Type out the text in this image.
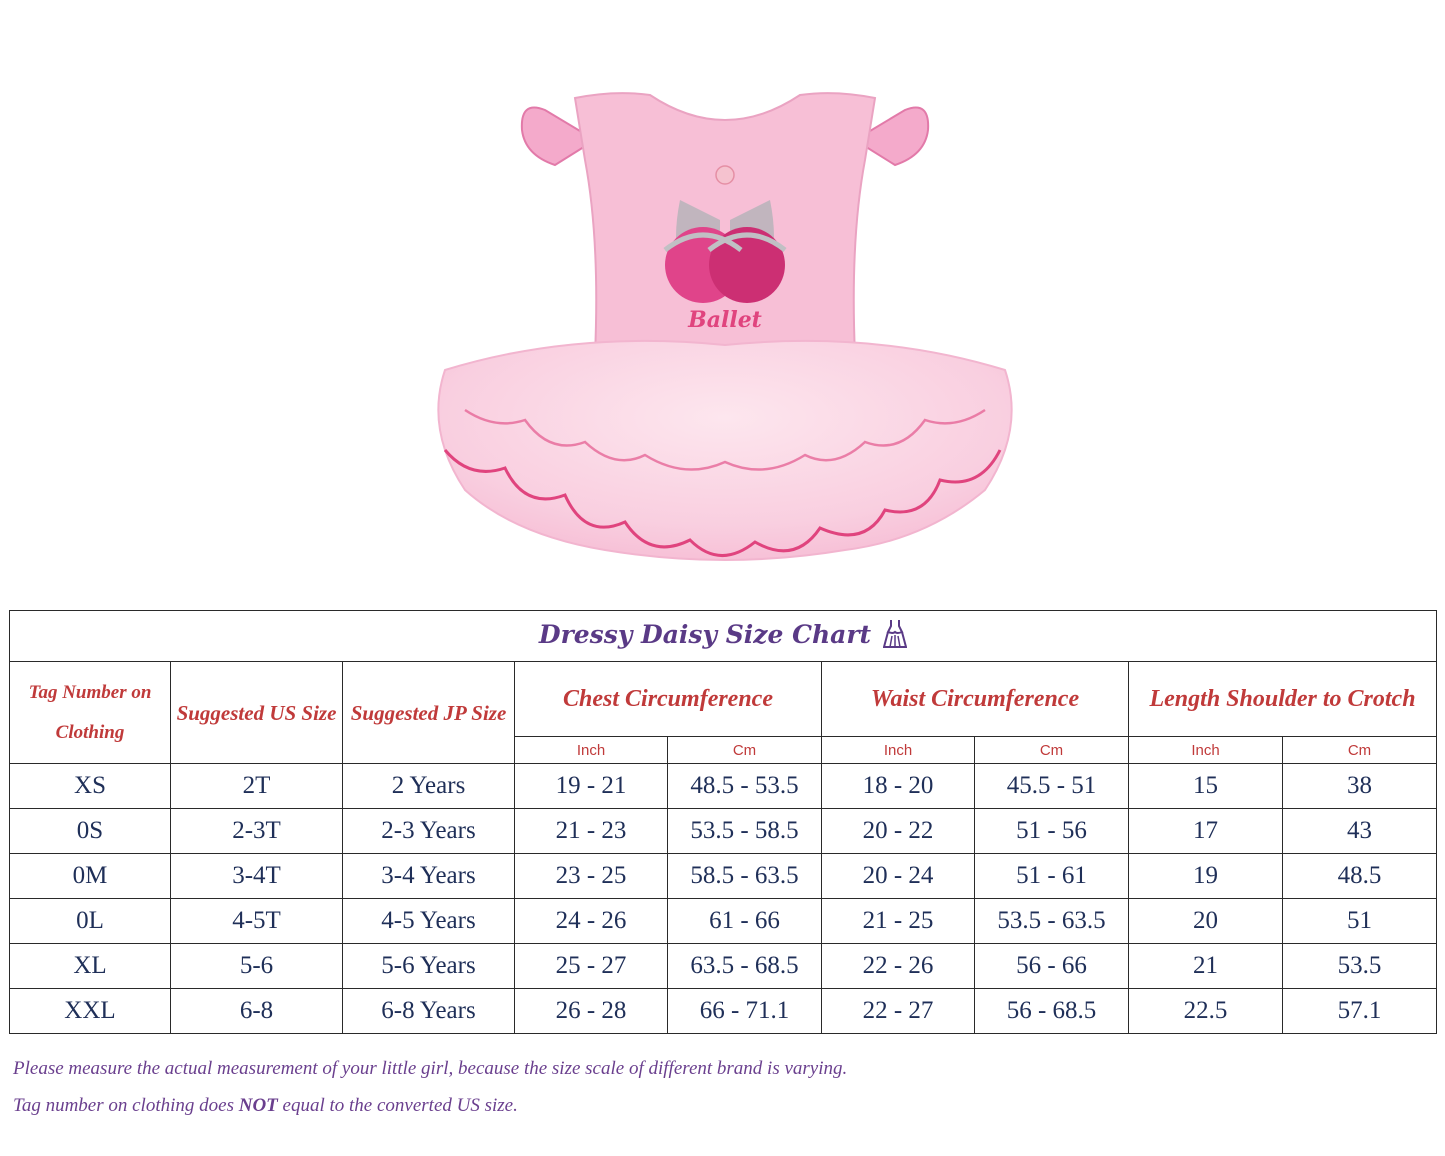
Ballet
Dressy Daisy Size Chart								
Tag Number on Clothing	Suggested US Size	Suggested JP Size	Chest Circumference		Waist Circumference		Length Shoulder to Crotch	
			Inch	Cm	Inch	Cm	Inch	Cm
XS	2T	2 Years	19 - 21	48.5 - 53.5	18 - 20	45.5 - 51	15	38
0S	2-3T	2-3 Years	21 - 23	53.5 - 58.5	20 - 22	51 - 56	17	43
0M	3-4T	3-4 Years	23 - 25	58.5 - 63.5	20 - 24	51 - 61	19	48.5
0L	4-5T	4-5 Years	24 - 26	61 - 66	21 - 25	53.5 - 63.5	20	51
XL	5-6	5-6 Years	25 - 27	63.5 - 68.5	22 - 26	56 - 66	21	53.5
XXL	6-8	6-8 Years	26 - 28	66 - 71.1	22 - 27	56 - 68.5	22.5	57.1
Please measure the actual measurement of your little girl, because the size scale of different brand is varying.
Tag number on clothing does NOT equal to the converted US size.
